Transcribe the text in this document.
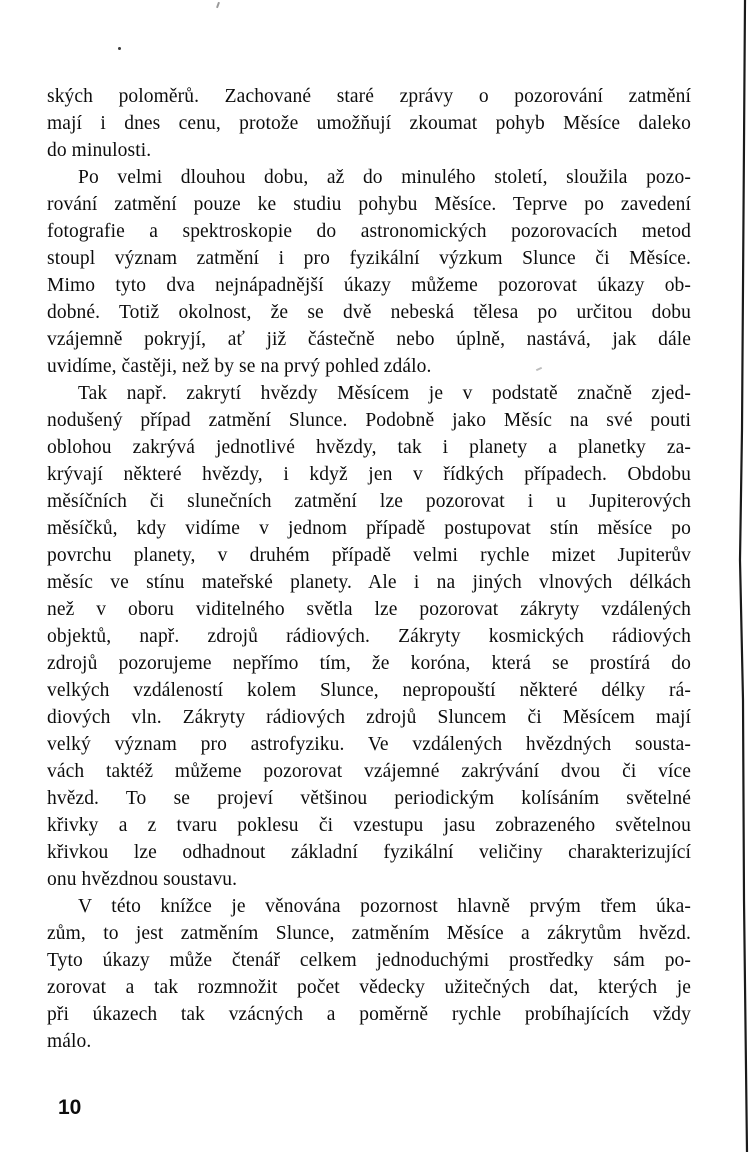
ských poloměrů. Zachované staré zprávy o pozorování zatmění
mají i dnes cenu, protože umožňují zkoumat pohyb Měsíce daleko
do minulosti.
Po velmi dlouhou dobu, až do minulého století, sloužila pozo-
rování zatmění pouze ke studiu pohybu Měsíce. Teprve po zavedení
fotografie a spektroskopie do astronomických pozorovacích metod
stoupl význam zatmění i pro fyzikální výzkum Slunce či Měsíce.
Mimo tyto dva nejnápadnější úkazy můžeme pozorovat úkazy ob-
dobné. Totiž okolnost, že se dvě nebeská tělesa po určitou dobu
vzájemně pokryjí, ať již částečně nebo úplně, nastává, jak dále
uvidíme, častěji, než by se na prvý pohled zdálo.
Tak např. zakrytí hvězdy Měsícem je v podstatě značně zjed-
nodušený případ zatmění Slunce. Podobně jako Měsíc na své pouti
oblohou zakrývá jednotlivé hvězdy, tak i planety a planetky za-
krývají některé hvězdy, i když jen v řídkých případech. Obdobu
měsíčních či slunečních zatmění lze pozorovat i u Jupiterových
měsíčků, kdy vidíme v jednom případě postupovat stín měsíce po
povrchu planety, v druhém případě velmi rychle mizet Jupiterův
měsíc ve stínu mateřské planety. Ale i na jiných vlnových délkách
než v oboru viditelného světla lze pozorovat zákryty vzdálených
objektů, např. zdrojů rádiových. Zákryty kosmických rádiových
zdrojů pozorujeme nepřímo tím, že koróna, která se prostírá do
velkých vzdáleností kolem Slunce, nepropouští některé délky rá-
diových vln. Zákryty rádiových zdrojů Sluncem či Měsícem mají
velký význam pro astrofyziku. Ve vzdálených hvězdných sousta-
vách taktéž můžeme pozorovat vzájemné zakrývání dvou či více
hvězd. To se projeví většinou periodickým kolísáním světelné
křivky a z tvaru poklesu či vzestupu jasu zobrazeného světelnou
křivkou lze odhadnout základní fyzikální veličiny charakterizující
onu hvězdnou soustavu.
V této knížce je věnována pozornost hlavně prvým třem úka-
zům, to jest zatměním Slunce, zatměním Měsíce a zákrytům hvězd.
Tyto úkazy může čtenář celkem jednoduchými prostředky sám po-
zorovat a tak rozmnožit počet vědecky užitečných dat, kterých je
při úkazech tak vzácných a poměrně rychle probíhajících vždy
málo.
10
